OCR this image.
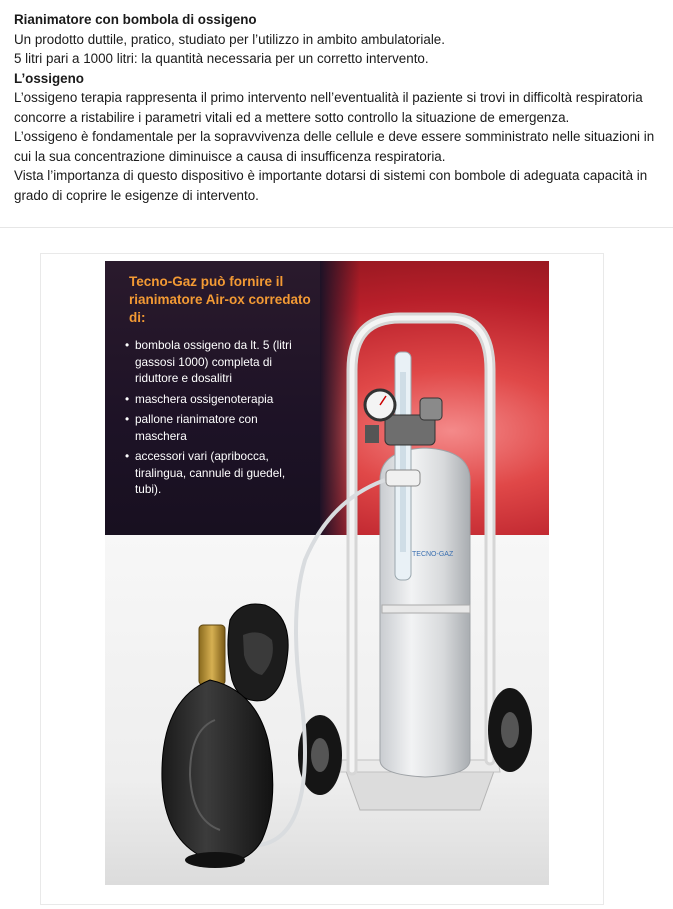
Rianimatore con bombola di ossigeno

Un prodotto duttile, pratico, studiato per l’utilizzo in ambito ambulatoriale.

5 litri pari a 1000 litri: la quantità necessaria per un corretto intervento.

L’ossigeno

L’ossigeno terapia rappresenta il primo intervento nell’eventualità il paziente si trovi in difficoltà respiratoria concorre a ristabilire i parametri vitali ed a mettere sotto controllo la situazione de emergenza.

L’ossigeno è fondamentale per la sopravvivenza delle cellule e deve essere somministrato nelle situazioni in cui la sua concentrazione diminuisce a causa di insufficenza respiratoria.

Vista l’importanza di questo dispositivo è importante dotarsi di sistemi con bombole di adeguata capacità in grado di coprire le esigenze di intervento.

Tecno-Gaz può fornire il rianimatore Air-ox corredato di:
• bombola ossigeno da lt. 5 (litri gassosi 1000) completa di riduttore e dosalitri
• maschera ossigenoterapia
• pallone rianimatore con maschera
• accessori vari (apribocca, tiralingua, cannule di guedel, tubi).
TECNO-GAZ
